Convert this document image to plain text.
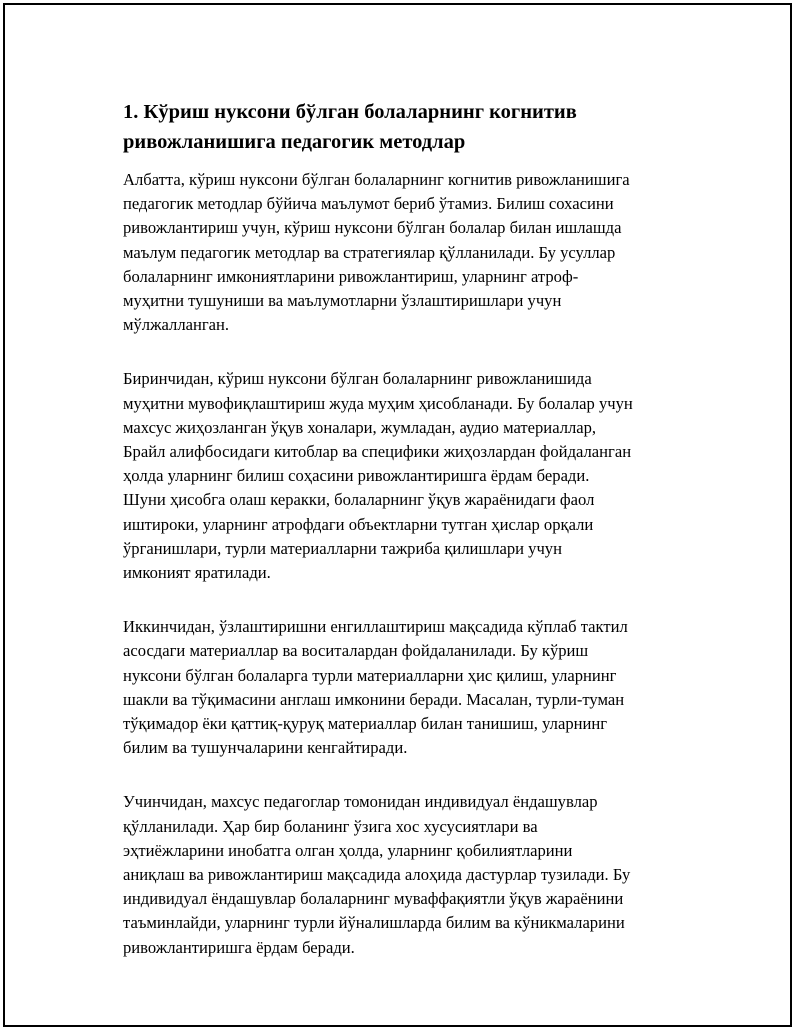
1. Кўриш нуксони бўлган болаларнинг когнитив
ривожланишига педагогик методлар

Албатта, кўриш нуксони бўлган болаларнинг когнитив ривожланишига
педагогик методлар бўйича маълумот бериб ўтамиз. Билиш сохасини
ривожлантириш учун, кўриш нуксони бўлган болалар билан ишлашда
маълум педагогик методлар ва стратегиялар қўлланилади. Бу усуллар
болаларнинг имкониятларини ривожлантириш, уларнинг атроф-
муҳитни тушуниши ва маълумотларни ўзлаштиришлари учун
мўлжалланган.

Биринчидан, кўриш нуксони бўлган болаларнинг ривожланишида
муҳитни мувофиқлаштириш жуда муҳим ҳисобланади. Бу болалар учун
махсус жиҳозланган ўқув хоналари, жумладан, аудио материаллар,
Брайл алифбосидаги китоблар ва специфики жиҳозлардан фойдаланган
ҳолда уларнинг билиш соҳасини ривожлантиришга ёрдам беради.
Шуни ҳисобга олаш керакки, болаларнинг ўқув жараёнидаги фаол
иштироки, уларнинг атрофдаги объектларни тутган ҳислар орқали
ўрганишлари, турли материалларни тажриба қилишлари учун
имконият яратилади.

Иккинчидан, ўзлаштиришни енгиллаштириш мақсадида кўплаб тактил
асосдаги материаллар ва воситалардан фойдаланилади. Бу кўриш
нуксони бўлган болаларга турли материалларни ҳис қилиш, уларнинг
шакли ва тўқимасини англаш имконини беради. Масалан, турли-туман
тўқимадор ёки қаттиқ-қуруқ материаллар билан танишиш, уларнинг
билим ва тушунчаларини кенгайтиради.

Учинчидан, махсус педагоглар томонидан индивидуал ёндашувлар
қўлланилади. Ҳар бир боланинг ўзига хос хусусиятлари ва
эҳтиёжларини инобатга олган ҳолда, уларнинг қобилиятларини
аниқлаш ва ривожлантириш мақсадида алоҳида дастурлар тузилади. Бу
индивидуал ёндашувлар болаларнинг муваффақиятли ўқув жараёнини
таъминлайди, уларнинг турли йўналишларда билим ва кўникмаларини
ривожлантиришга ёрдам беради.
